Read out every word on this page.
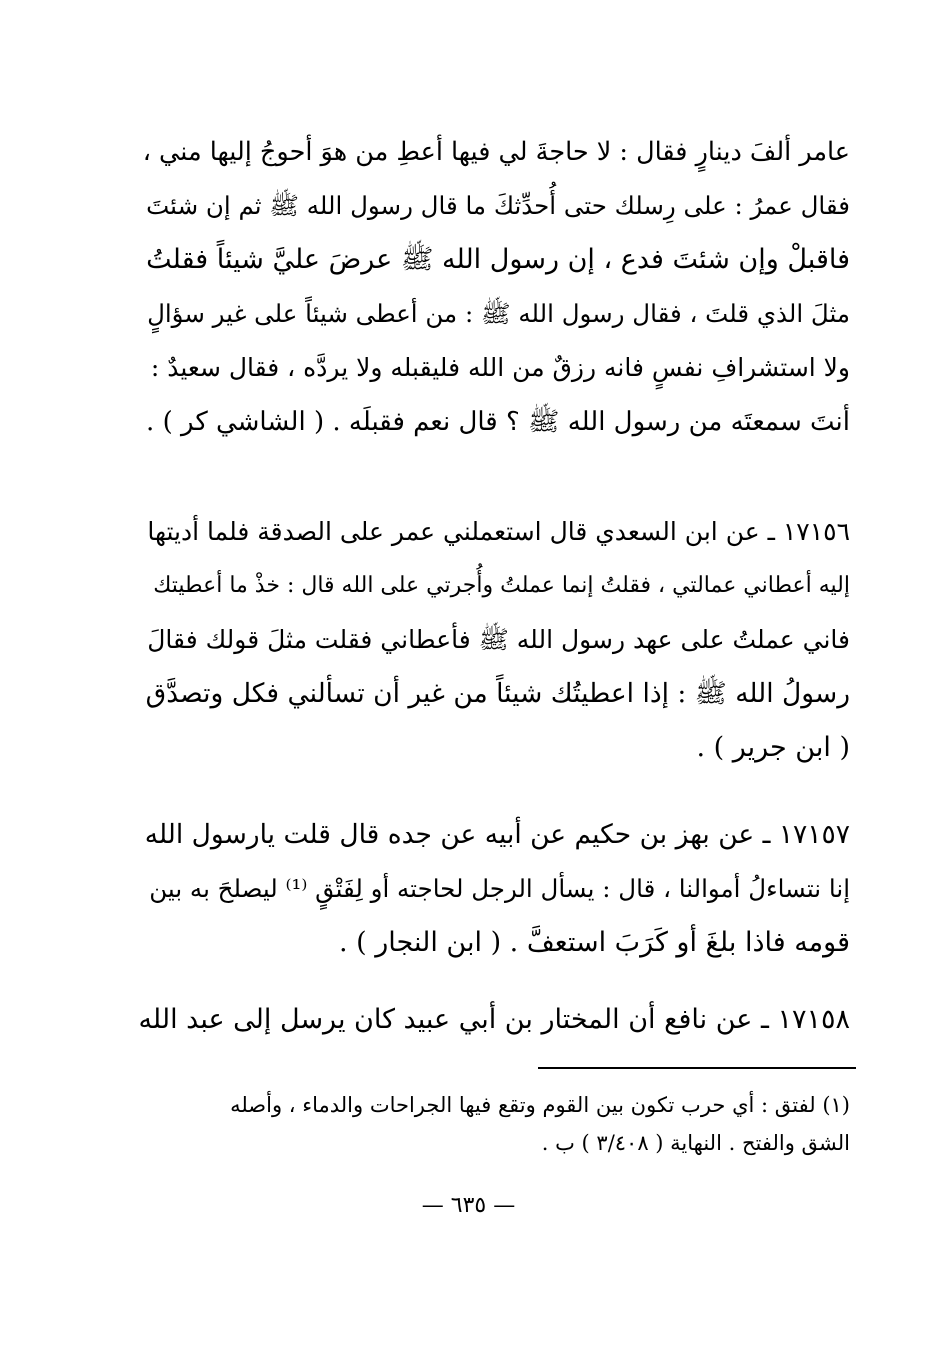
عامر ألفَ دينارٍ فقال : لا حاجةَ لي فيها أعطِ من هوَ أحوجُ إليها مني ،
فقال عمرُ : على رِسلك حتى أُحدِّثكَ ما قال رسول الله ﷺ ثم إن شئتَ
فاقبلْ وإن شئتَ فدع ، إن رسول الله ﷺ عرضَ عليَّ شيئاً فقلتُ
مثلَ الذي قلتَ ، فقال رسول الله ﷺ : من أعطى شيئاً على غير سؤالٍ
ولا استشرافِ نفسٍ فانه رزقٌ من الله فليقبله ولا يردَّه ، فقال سعيدٌ :
أنتَ سمعتَه من رسول الله ﷺ ؟ قال نعم فقبلَه . ( الشاشي كر ) .
١٧١٥٦ ـ عن ابن السعدي قال استعملني عمر على الصدقة فلما أديتها
إليه أعطاني عمالتي ، فقلتُ إنما عملتُ وأُجرتي على الله قال : خذْ ما أعطيتك
فاني عملتُ على عهد رسول الله ﷺ فأعطاني فقلت مثلَ قولك فقالَ
رسولُ الله ﷺ : إذا اعطيتُك شيئاً من غير أن تسألني فكل وتصدَّق
( ابن جرير ) .
١٧١٥٧ ـ عن بهز بن حكيم عن أبيه عن جده قال قلت يارسول الله
إنا نتساءلُ أموالنا ، قال : يسأل الرجل لحاجته أو لِفَتْقٍ ⁽¹⁾ ليصلحَ به بين
قومه فاذا بلغَ أو كَرَبَ استعفَّ . ( ابن النجار ) .
١٧١٥٨ ـ عن نافع أن المختار بن أبي عبيد كان يرسل إلى عبد الله
(١) لفتق : أي حرب تكون بين القوم وتقع فيها الجراحات والدماء ، وأصله
الشق والفتح . النهاية ( ٣/٤٠٨ ) ب .
— ٦٣٥ —
